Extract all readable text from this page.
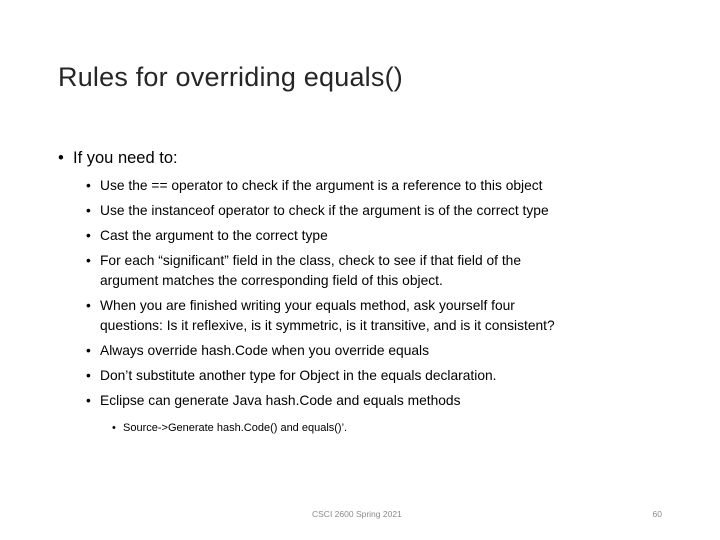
Rules for overriding equals()
• If you need to:
• Use the == operator to check if the argument is a reference to this object
• Use the instanceof operator to check if the argument is of the correct type
• Cast the argument to the correct type
• For each “significant” field in the class, check to see if that field of the
argument matches the corresponding field of this object.
• When you are finished writing your equals method, ask yourself four
questions: Is it reflexive, is it symmetric, is it transitive, and is it consistent?
• Always override hash.Code when you override equals
• Don’t substitute another type for Object in the equals declaration.
• Eclipse can generate Java hash.Code and equals methods
• Source->Generate hash.Code() and equals()’.
CSCI 2600 Spring 2021	60
